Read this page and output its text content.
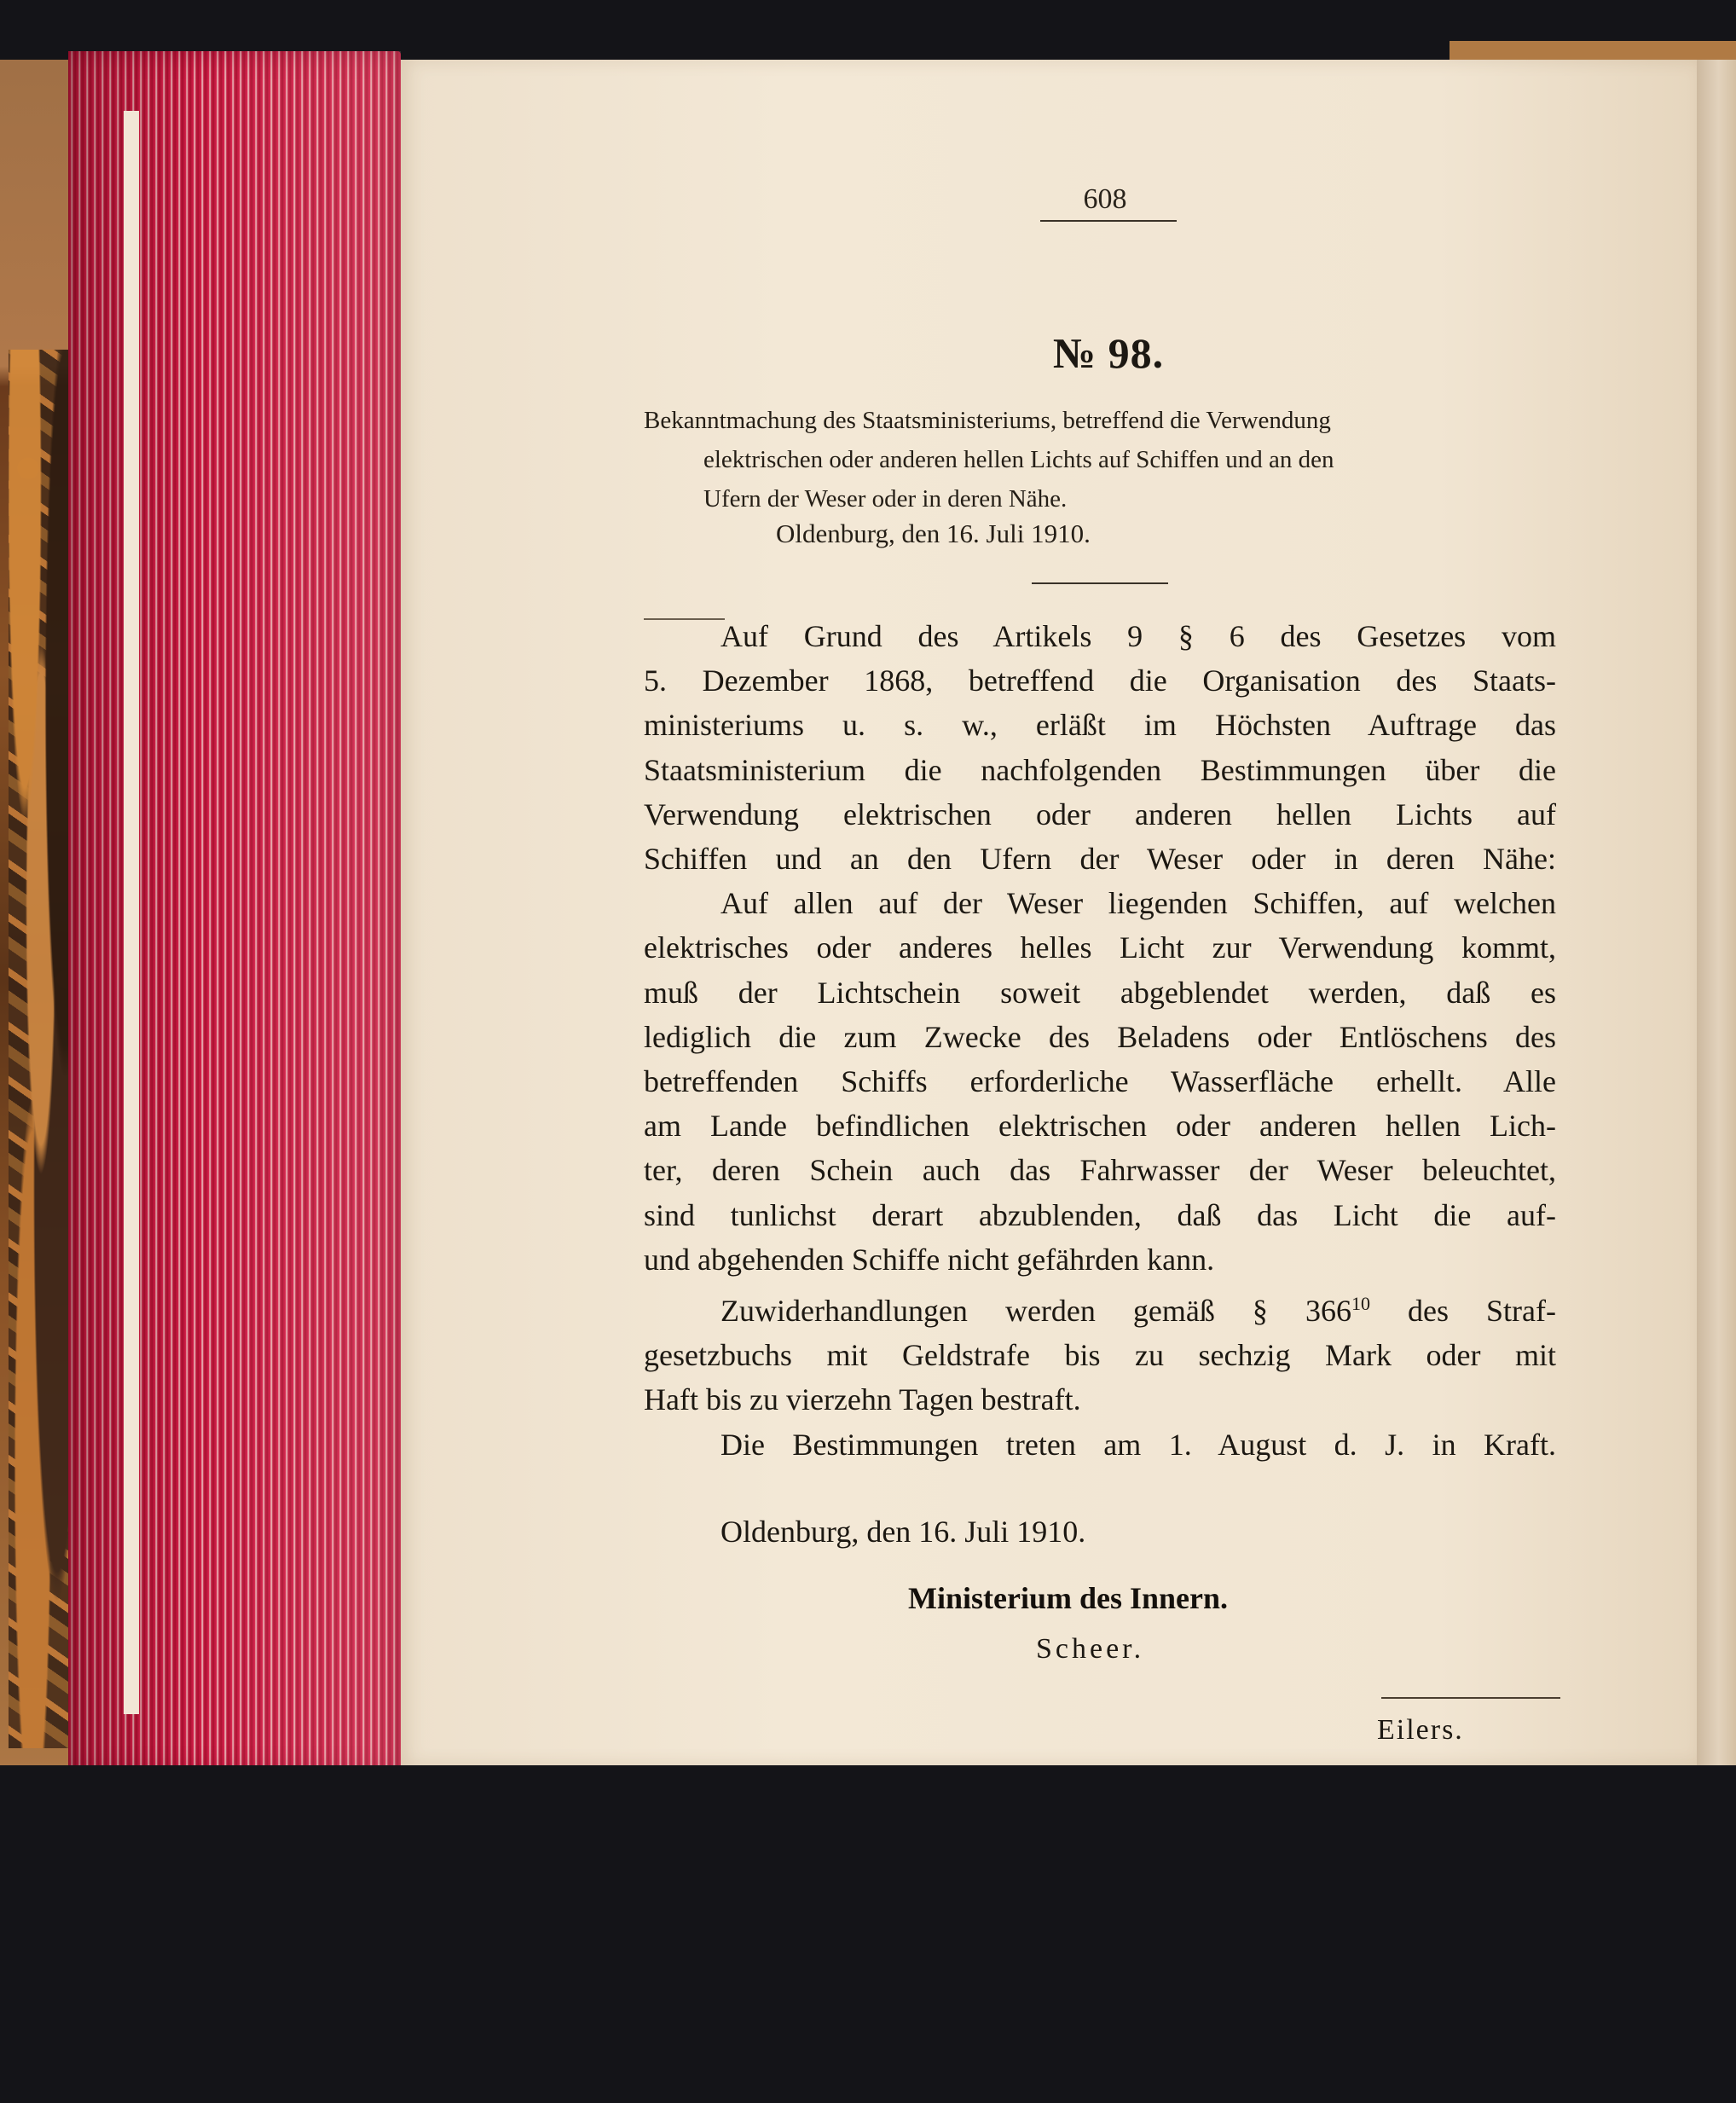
608
№ 98.
Bekanntmachung des Staatsministeriums, betreffend die Verwendung
elektrischen oder anderen hellen Lichts auf Schiffen und an den
Ufern der Weser oder in deren Nähe.
Oldenburg, den 16. Juli 1910.
Auf Grund des Artikels 9 § 6 des Gesetzes vom
5. Dezember 1868, betreffend die Organisation des Staats-
ministeriums u. s. w., erläßt im Höchsten Auftrage das
Staatsministerium die nachfolgenden Bestimmungen über die
Verwendung elektrischen oder anderen hellen Lichts auf
Schiffen und an den Ufern der Weser oder in deren Nähe:
Auf allen auf der Weser liegenden Schiffen, auf welchen
elektrisches oder anderes helles Licht zur Verwendung kommt,
muß der Lichtschein soweit abgeblendet werden, daß es
lediglich die zum Zwecke des Beladens oder Entlöschens des
betreffenden Schiffs erforderliche Wasserfläche erhellt. Alle
am Lande befindlichen elektrischen oder anderen hellen Lich-
ter, deren Schein auch das Fahrwasser der Weser beleuchtet,
sind tunlichst derart abzublenden, daß das Licht die auf-
und abgehenden Schiffe nicht gefährden kann.
Zuwiderhandlungen werden gemäß § $366^{10}$ des Straf-
gesetzbuchs mit Geldstrafe bis zu sechzig Mark oder mit
Haft bis zu vierzehn Tagen bestraft.
Die Bestimmungen treten am 1. August d. J. in Kraft.
Oldenburg, den 16. Juli 1910.
Ministerium des Innern.
Scheer.
Eilers.
